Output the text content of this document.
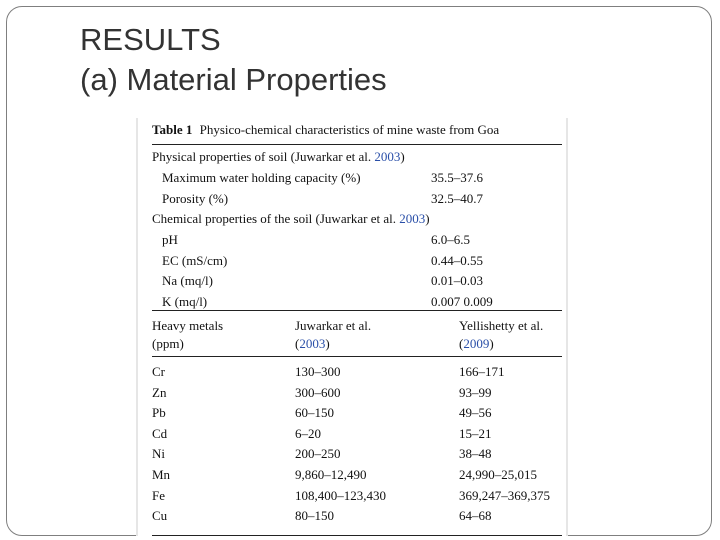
RESULTS
(a) Material Properties
Table 1 Physico-chemical characteristics of mine waste from Goa
Physical properties of soil (Juwarkar et al. 2003)
Maximum water holding capacity (%)	35.5–37.6
Porosity (%)	32.5–40.7
Chemical properties of the soil (Juwarkar et al. 2003)
pH	6.0–6.5
EC (mS/cm)	0.44–0.55
Na (mq/l)	0.01–0.03
K (mq/l)	0.007 0.009
Heavy metals	Juwarkar et al.	Yellishetty et al.
(ppm)	(2003)	(2009)
Cr	130–300	166–171
Zn	300–600	93–99
Pb	60–150	49–56
Cd	6–20	15–21
Ni	200–250	38–48
Mn	9,860–12,490	24,990–25,015
Fe	108,400–123,430	369,247–369,375
Cu	80–150	64–68
